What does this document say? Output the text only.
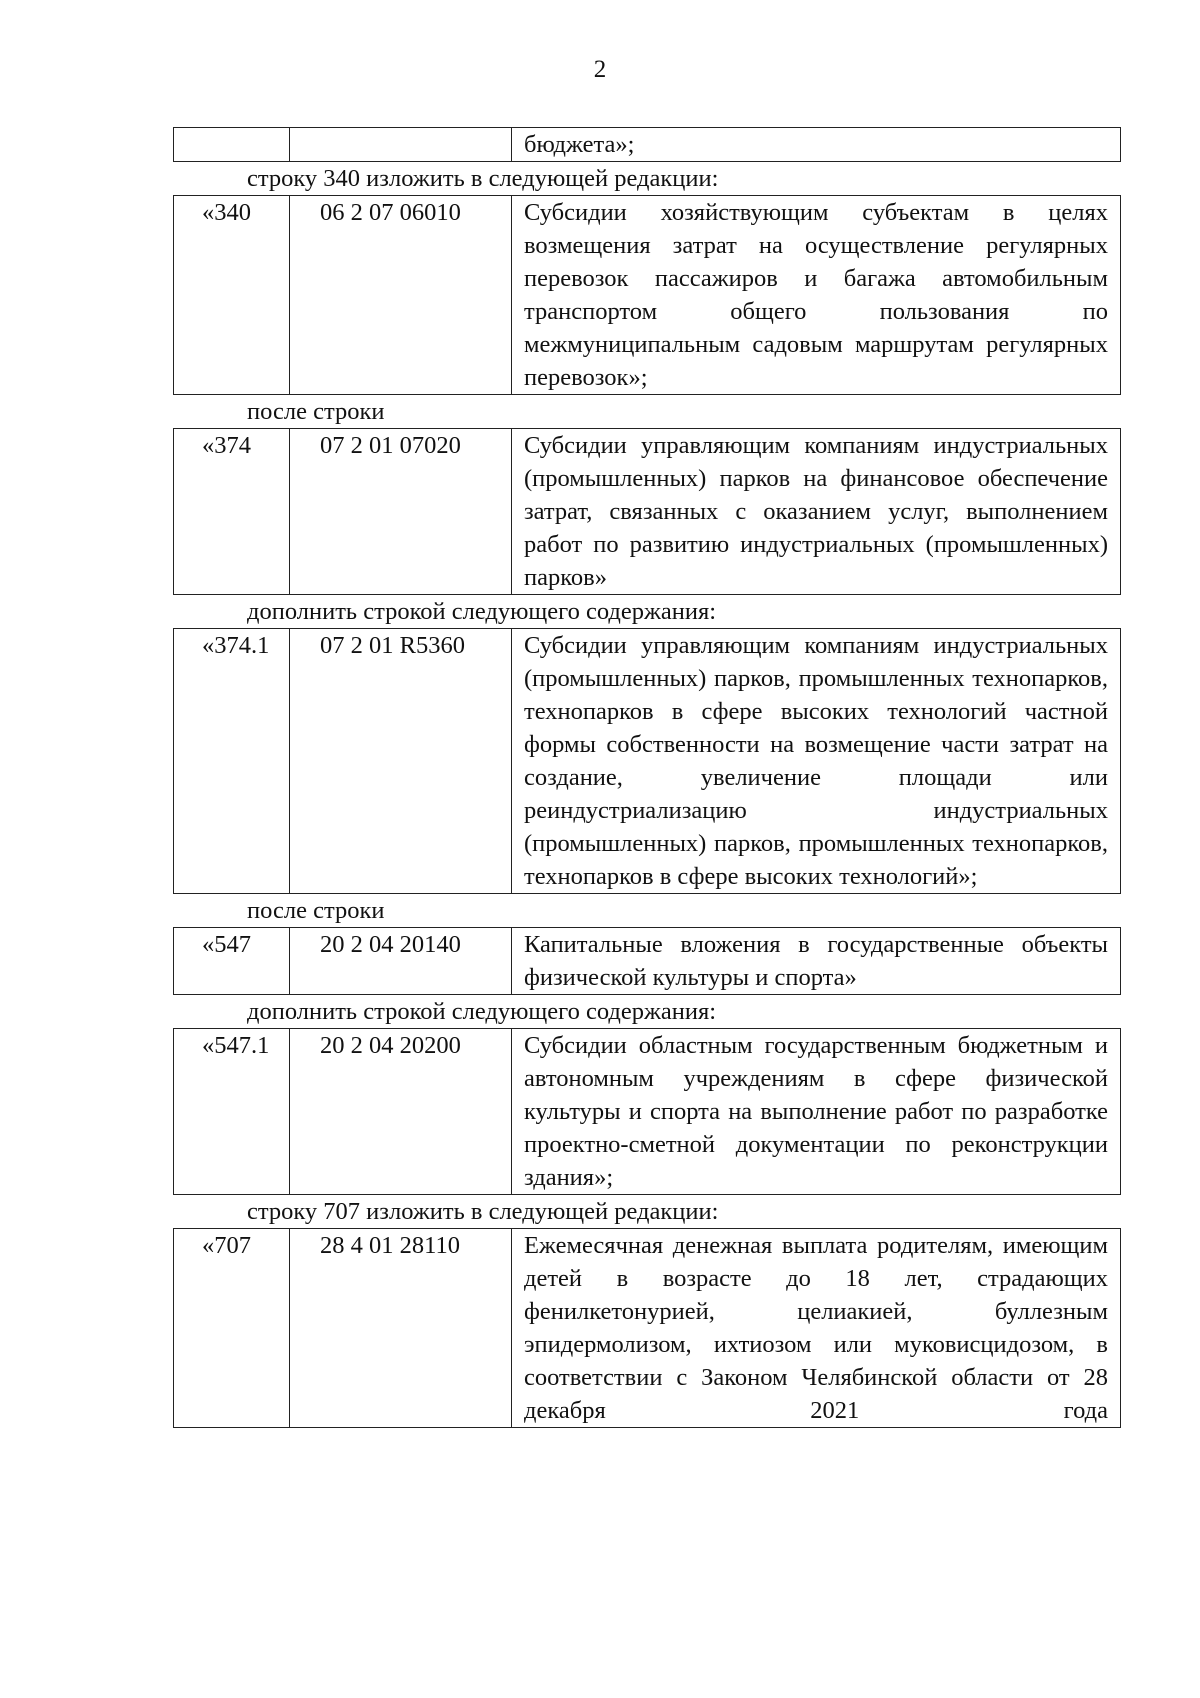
2
		бюджета»;
строку 340 изложить в следующей редакции:
«340	06 2 07 06010	Субсидии хозяйствующим субъектам в целях возмещения затрат на осуществление регулярных перевозок пассажиров и багажа автомобильным транспортом общего пользования по межмуниципальным садовым маршрутам регулярных перевозок»;
после строки
«374	07 2 01 07020	Субсидии управляющим компаниям индустриальных (промышленных) парков на финансовое обеспечение затрат, связанных с оказанием услуг, выполнением работ по развитию индустриальных (промышленных) парков»
дополнить строкой следующего содержания:
«374.1	07 2 01 R5360	Субсидии управляющим компаниям индустриальных (промышленных) парков, промышленных технопарков, технопарков в сфере высоких технологий частной формы собственности на возмещение части затрат на создание, увеличение площади или реиндустриализацию индустриальных (промышленных) парков, промышленных технопарков, технопарков в сфере высоких технологий»;
после строки
«547	20 2 04 20140	Капитальные вложения в государственные объекты физической культуры и спорта»
дополнить строкой следующего содержания:
«547.1	20 2 04 20200	Субсидии областным государственным бюджетным и автономным учреждениям в сфере физической культуры и спорта на выполнение работ по разработке проектно-сметной документации по реконструкции здания»;
строку 707 изложить в следующей редакции:
«707	28 4 01 28110	Ежемесячная денежная выплата родителям, имеющим детей в возрасте до 18 лет, страдающих фенилкетонурией, целиакией, буллезным эпидермолизом, ихтиозом или муковисцидозом, в соответствии с Законом Челябинской области от 28 декабря 2021 года
